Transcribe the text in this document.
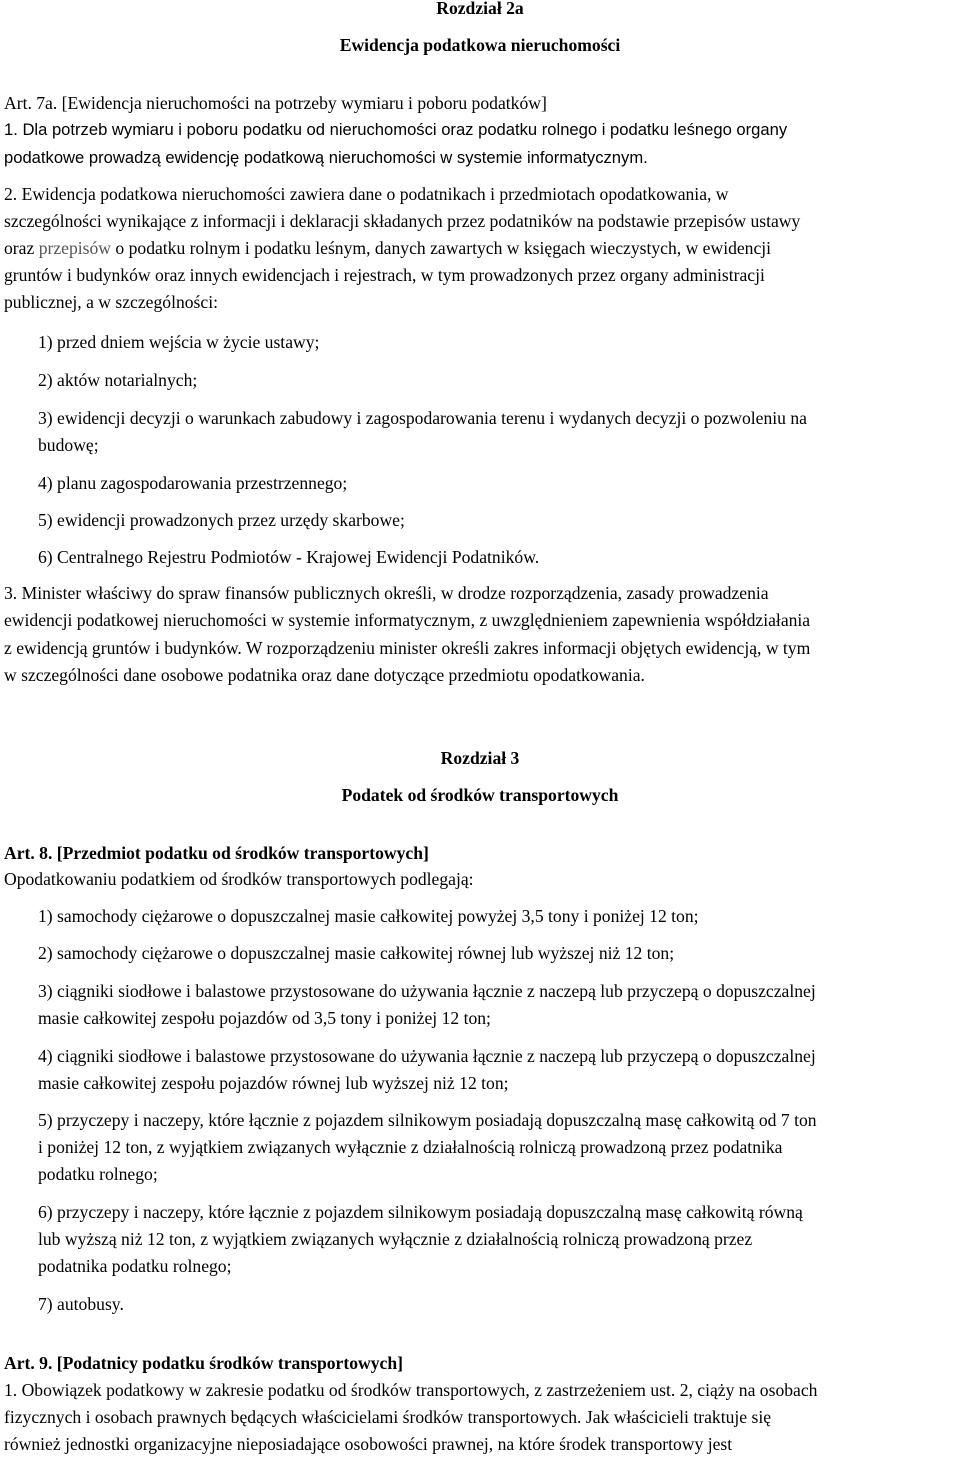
Rozdział 2a

Ewidencja podatkowa nieruchomości

Art. 7a. [Ewidencja nieruchomości na potrzeby wymiaru i poboru podatków]

1. Dla potrzeb wymiaru i poboru podatku od nieruchomości oraz podatku rolnego i podatku leśnego organy

podatkowe prowadzą ewidencję podatkową nieruchomości w systemie informatycznym.

2. Ewidencja podatkowa nieruchomości zawiera dane o podatnikach i przedmiotach opodatkowania, w

szczególności wynikające z informacji i deklaracji składanych przez podatników na podstawie przepisów ustawy

oraz przepisów o podatku rolnym i podatku leśnym, danych zawartych w księgach wieczystych, w ewidencji

gruntów i budynków oraz innych ewidencjach i rejestrach, w tym prowadzonych przez organy administracji

publicznej, a w szczególności:

1) przed dniem wejścia w życie ustawy;

2) aktów notarialnych;

3) ewidencji decyzji o warunkach zabudowy i zagospodarowania terenu i wydanych decyzji o pozwoleniu na

budowę;

4) planu zagospodarowania przestrzennego;

5) ewidencji prowadzonych przez urzędy skarbowe;

6) Centralnego Rejestru Podmiotów - Krajowej Ewidencji Podatników.

3. Minister właściwy do spraw finansów publicznych określi, w drodze rozporządzenia, zasady prowadzenia

ewidencji podatkowej nieruchomości w systemie informatycznym, z uwzględnieniem zapewnienia współdziałania

z ewidencją gruntów i budynków. W rozporządzeniu minister określi zakres informacji objętych ewidencją, w tym

w szczególności dane osobowe podatnika oraz dane dotyczące przedmiotu opodatkowania.

Rozdział 3

Podatek od środków transportowych

Art. 8. [Przedmiot podatku od środków transportowych]

Opodatkowaniu podatkiem od środków transportowych podlegają:

1) samochody ciężarowe o dopuszczalnej masie całkowitej powyżej 3,5 tony i poniżej 12 ton;

2) samochody ciężarowe o dopuszczalnej masie całkowitej równej lub wyższej niż 12 ton;

3) ciągniki siodłowe i balastowe przystosowane do używania łącznie z naczepą lub przyczepą o dopuszczalnej

masie całkowitej zespołu pojazdów od 3,5 tony i poniżej 12 ton;

4) ciągniki siodłowe i balastowe przystosowane do używania łącznie z naczepą lub przyczepą o dopuszczalnej

masie całkowitej zespołu pojazdów równej lub wyższej niż 12 ton;

5) przyczepy i naczepy, które łącznie z pojazdem silnikowym posiadają dopuszczalną masę całkowitą od 7 ton

i poniżej 12 ton, z wyjątkiem związanych wyłącznie z działalnością rolniczą prowadzoną przez podatnika

podatku rolnego;

6) przyczepy i naczepy, które łącznie z pojazdem silnikowym posiadają dopuszczalną masę całkowitą równą

lub wyższą niż 12 ton, z wyjątkiem związanych wyłącznie z działalnością rolniczą prowadzoną przez

podatnika podatku rolnego;

7) autobusy.

Art. 9. [Podatnicy podatku środków transportowych]

1. Obowiązek podatkowy w zakresie podatku od środków transportowych, z zastrzeżeniem ust. 2, ciąży na osobach

fizycznych i osobach prawnych będących właścicielami środków transportowych. Jak właścicieli traktuje się

również jednostki organizacyjne nieposiadające osobowości prawnej, na które środek transportowy jest
